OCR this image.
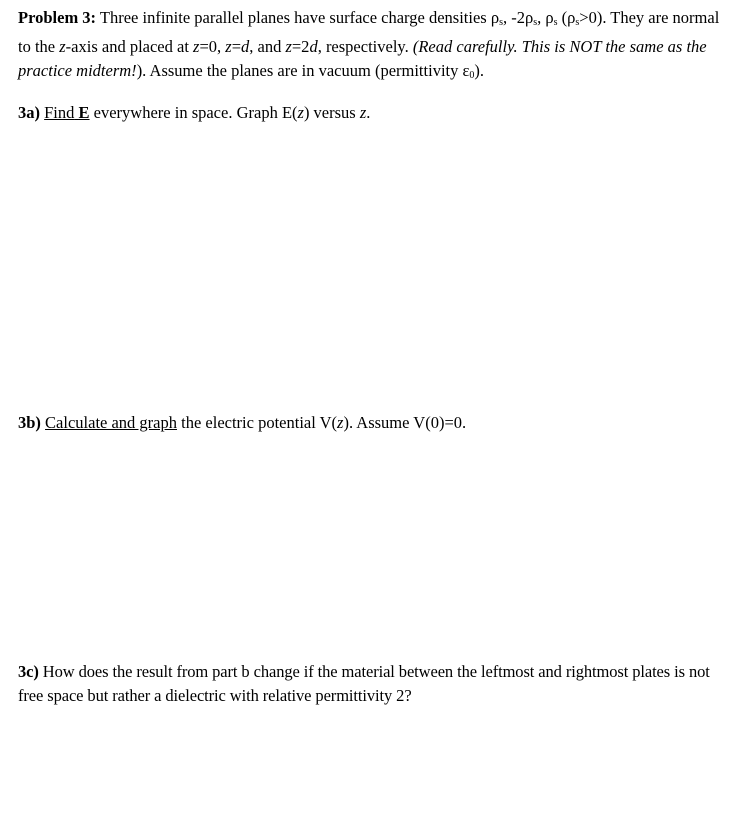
Problem 3: Three infinite parallel planes have surface charge densities $\rho_s$, $-2\rho_s$, $\rho_s$ $(\rho_s>0)$. They are normal to the z-axis and placed at z=0, z=d, and z=2d, respectively. (Read carefully. This is NOT the same as the practice midterm!). Assume the planes are in vacuum (permittivity $\varepsilon_0$).
3a) Find E everywhere in space. Graph E(z) versus z.
3b) Calculate and graph the electric potential V(z). Assume V(0)=0.
3c) How does the result from part b change if the material between the leftmost and rightmost plates is not free space but rather a dielectric with relative permittivity 2?
